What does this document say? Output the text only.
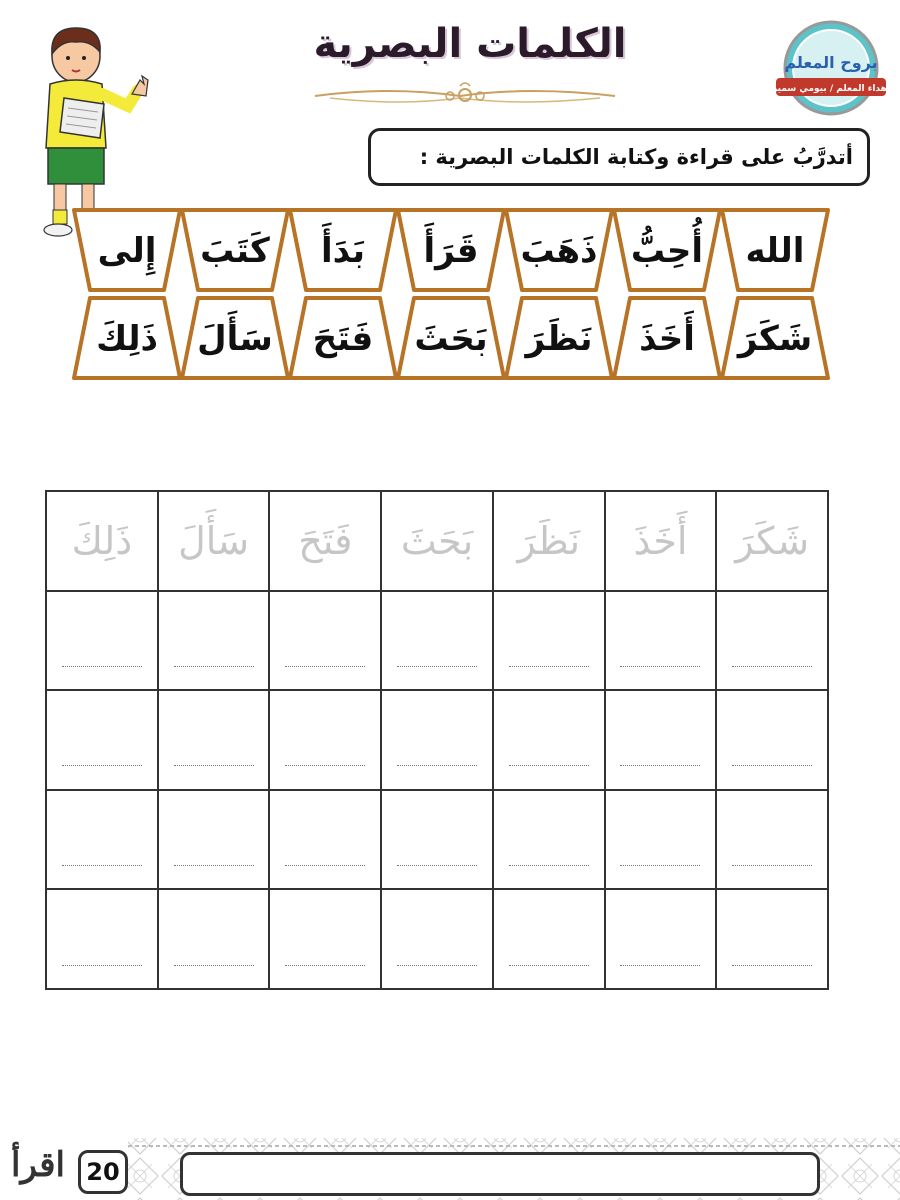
الكلمات البصرية	بروح المعلم
إهداء المعلم / بيومي سمير
أتدرَّبُ على قراءة وكتابة الكلمات البصرية :
الله
أُحِبُّ
ذَهَبَ
قَرَأَ
بَدَأَ
كَتَبَ
إِلى
شَكَرَ
أَخَذَ
نَظَرَ
بَحَثَ
فَتَحَ
سَأَلَ
ذَلِكَ
شَكَرَ	أَخَذَ	نَظَرَ	بَحَثَ	فَتَحَ	سَأَلَ	ذَلِكَ

20
اقرأ
